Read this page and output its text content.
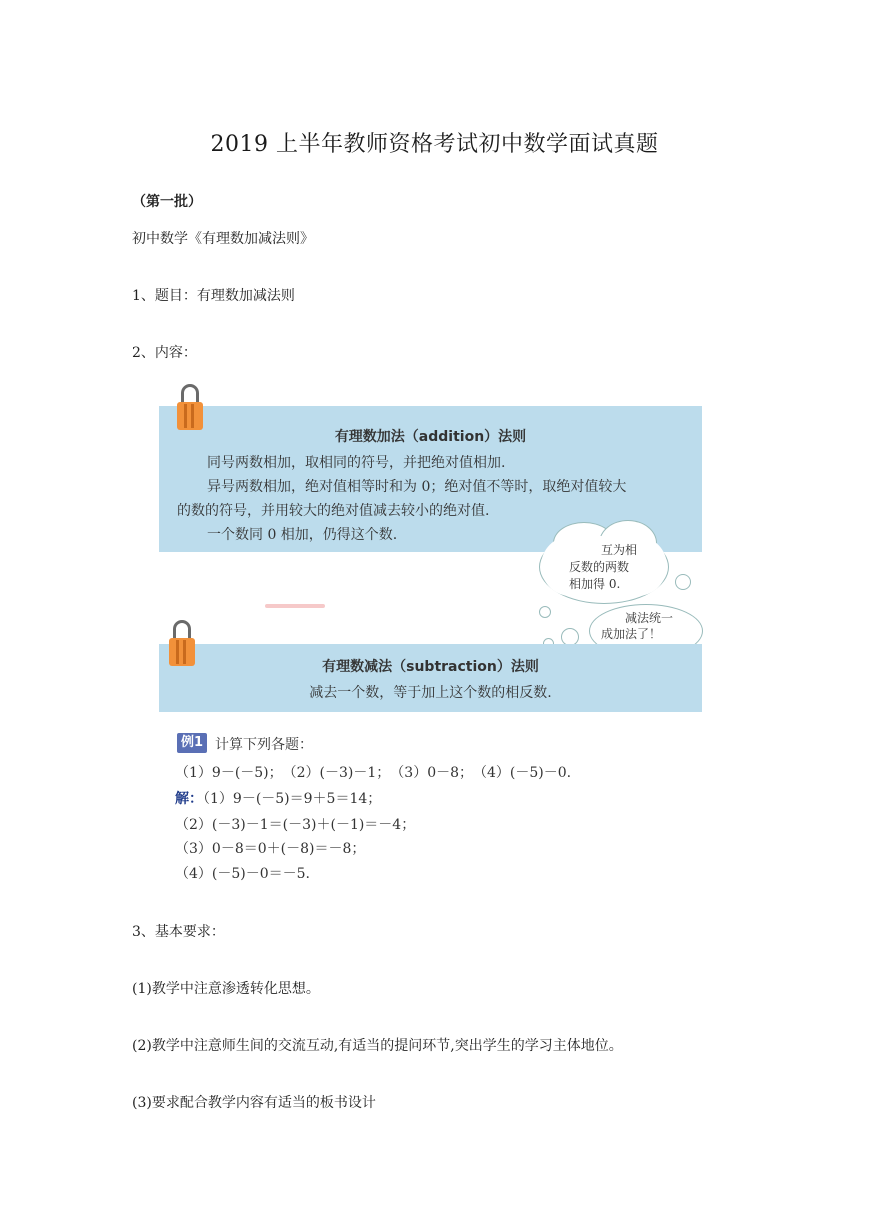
2019 上半年教师资格考试初中数学面试真题
（第一批）
初中数学《有理数加减法则》
1、题目：有理数加减法则
2、内容：
有理数加法（addition）法则
同号两数相加，取相同的符号，并把绝对值相加.
异号两数相加，绝对值相等时和为 0；绝对值不等时，取绝对值较大
的数的符号，并用较大的绝对值减去较小的绝对值.
一个数同 0 相加，仍得这个数.
互为相
反数的两数
相加得 0.
减法统一
成加法了！
有理数减法（subtraction）法则
减去一个数，等于加上这个数的相反数.
例1 计算下列各题：
（1）9－(－5)；　（2）(－3)－1；　（3）0－8；　（4）(－5)－0.
解：（1）9－(－5)＝9＋5＝14；
（2）(－3)－1＝(－3)＋(－1)＝－4；
（3）0－8＝0＋(－8)＝－8；
（4）(－5)－0＝－5.
3、基本要求：
(1)教学中注意渗透转化思想。
(2)教学中注意师生间的交流互动,有适当的提问环节,突出学生的学习主体地位。
(3)要求配合教学内容有适当的板书设计
